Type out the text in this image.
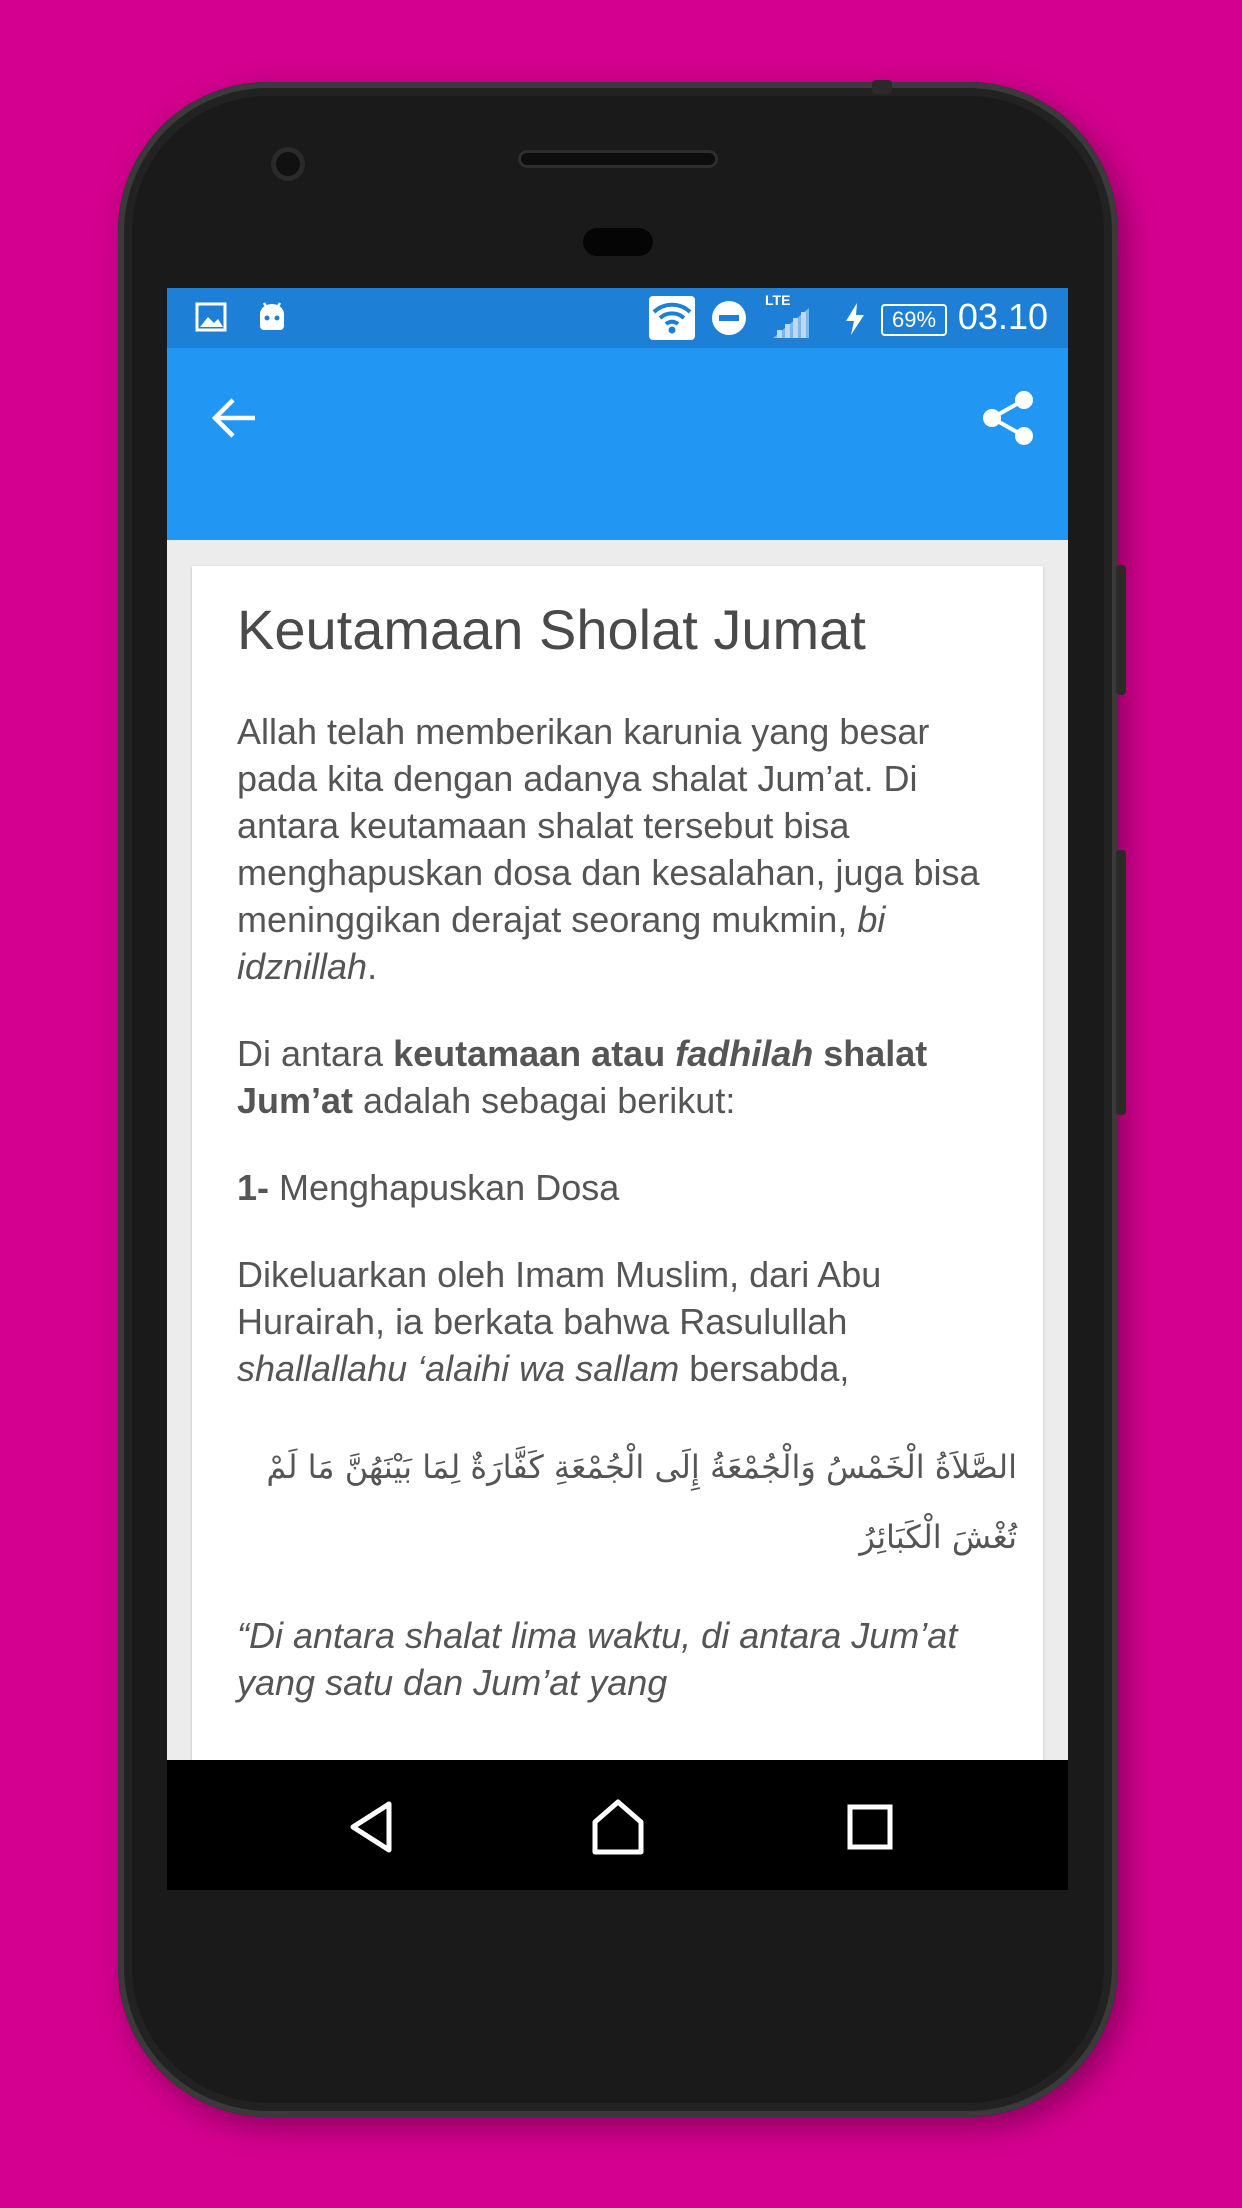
LTE
69% 03.10
Keutamaan Sholat Jumat

Allah telah memberikan karunia yang besar pada kita dengan adanya shalat Jum’at. Di antara keutamaan shalat tersebut bisa menghapuskan dosa dan kesalahan, juga bisa meninggikan derajat seorang mukmin, bi idznillah.

Di antara keutamaan atau fadhilah shalat Jum’at adalah sebagai berikut:

1- Menghapuskan Dosa

Dikeluarkan oleh Imam Muslim, dari Abu Hurairah, ia berkata bahwa Rasulullah shallallahu ‘alaihi wa sallam bersabda,

الصَّلاَةُ الْخَمْسُ وَالْجُمْعَةُ إِلَى الْجُمْعَةِ كَفَّارَةٌ لِمَا بَيْنَهُنَّ مَا لَمْ تُغْشَ الْكَبَائِرُ

“Di antara shalat lima waktu, di antara Jum’at yang satu dan Jum’at yang
